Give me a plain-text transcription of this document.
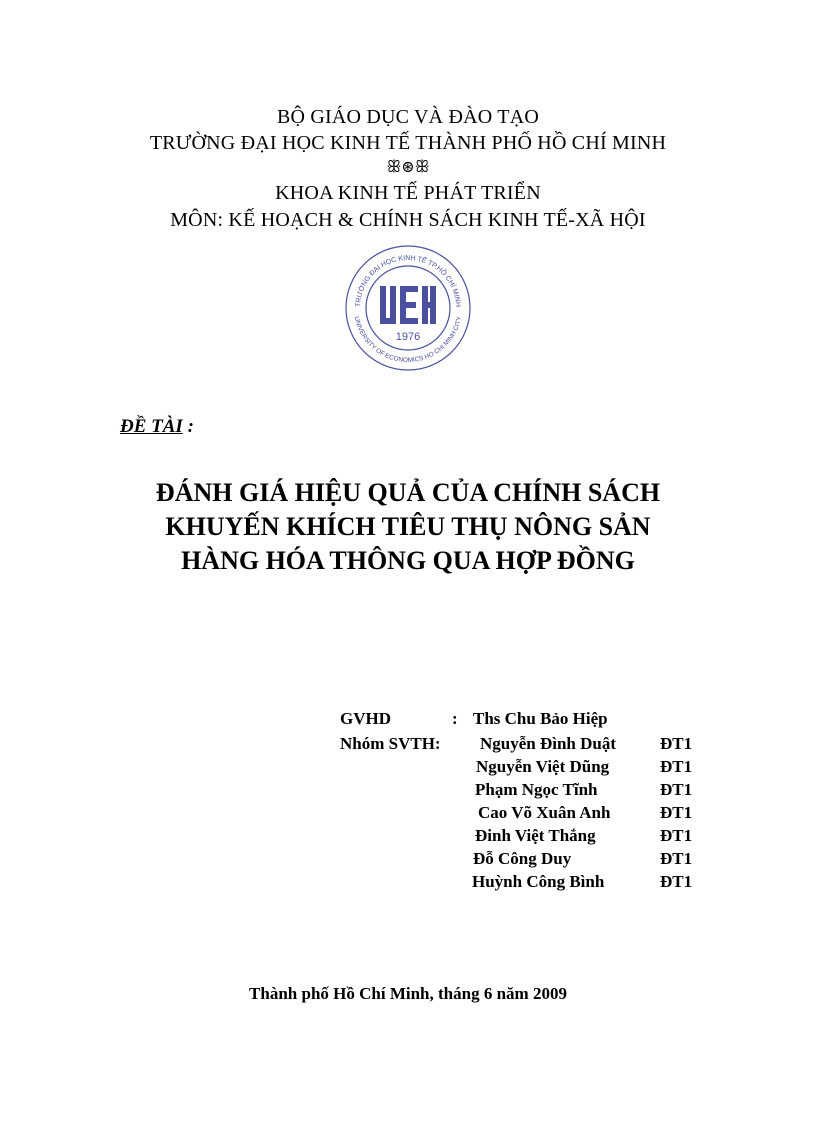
BỘ GIÁO DỤC VÀ ĐÀO TẠO
TRƯỜNG ĐẠI HỌC KINH TẾ THÀNH PHỐ HỒ CHÍ MINH
ꕥ⊛ꕥ
KHOA KINH TẾ PHÁT TRIỂN
MÔN: KẾ HOẠCH & CHÍNH SÁCH KINH TẾ-XÃ HỘI
TRƯỜNG ĐẠI HỌC KINH TẾ TP.HỒ CHÍ MINH
UNIVERSITY OF ECONOMICS HO CHI MINH CITY
1976
ĐỀ TÀI :
ĐÁNH GIÁ HIỆU QUẢ CỦA CHÍNH SÁCH
KHUYẾN KHÍCH TIÊU THỤ NÔNG SẢN
HÀNG HÓA THÔNG QUA HỢP ĐỒNG
GVHD	: Ths Chu Bảo Hiệp
Nhóm SVTH: Nguyễn Đình Duật	ĐT1
Nguyễn Việt Dũng	ĐT1
Phạm Ngọc Tĩnh	ĐT1
Cao Võ Xuân Anh	ĐT1
Đinh Việt Thắng	ĐT1
Đỗ Công Duy	ĐT1
Huỳnh Công Bình	ĐT1
Thành phố Hồ Chí Minh, tháng 6 năm 2009
